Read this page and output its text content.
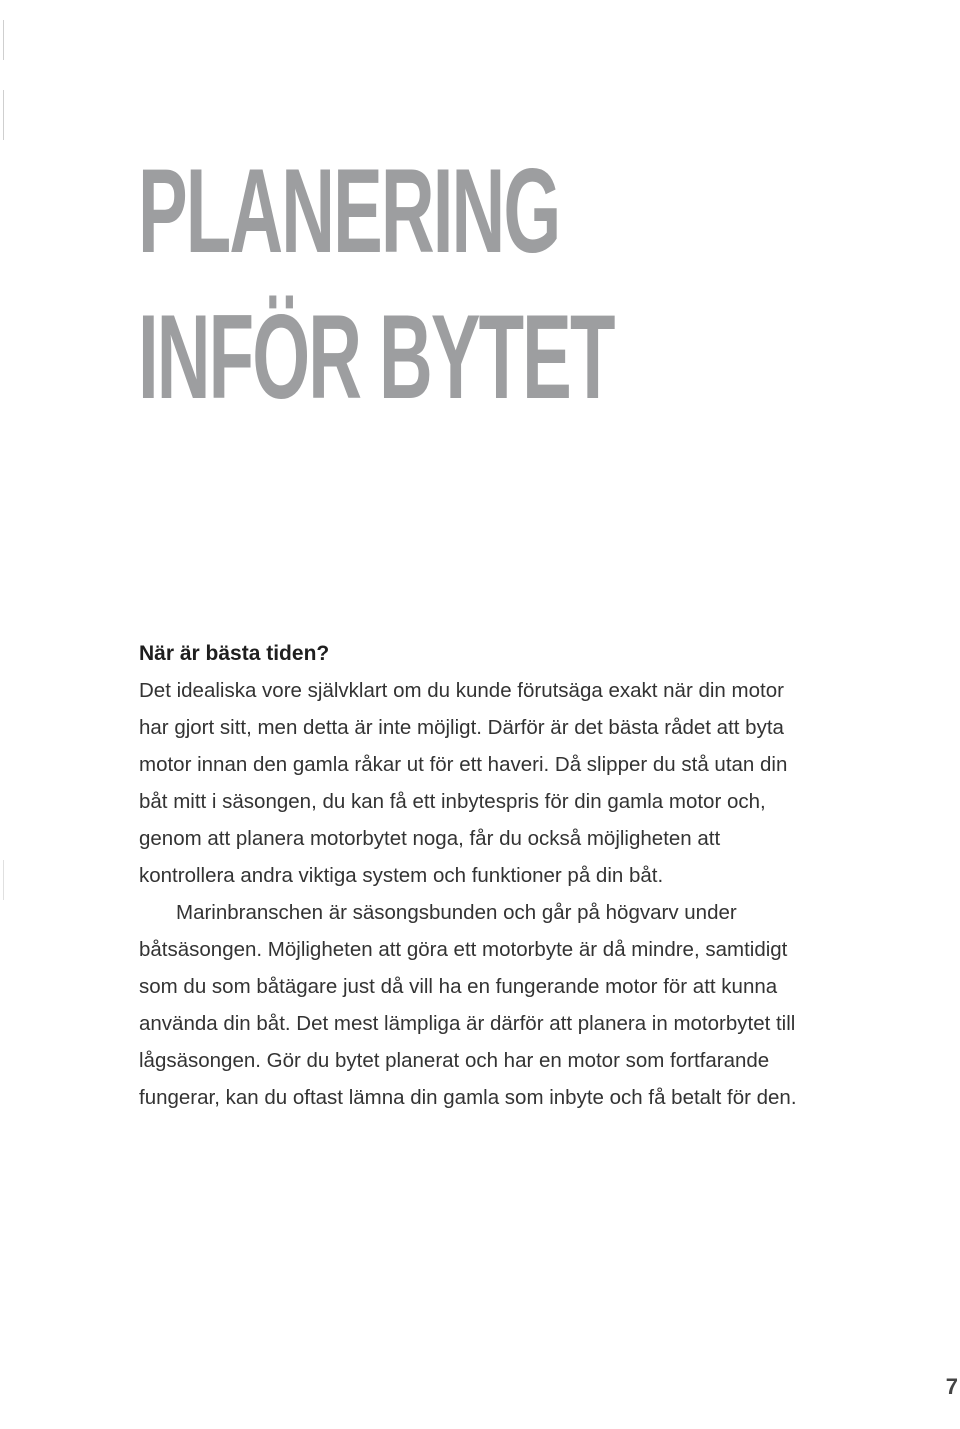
PLANERING
INFÖR BYTET
När är bästa tiden?

Det idealiska vore självklart om du kunde förutsäga exakt när din motor har gjort sitt, men detta är inte möjligt. Därför är det bästa rådet att byta motor innan den gamla råkar ut för ett haveri. Då slipper du stå utan din båt mitt i säsongen, du kan få ett inbytespris för din gamla motor och, genom att planera motorbytet noga, får du också möjligheten att kontrollera andra viktiga system och funktioner på din båt.

Marinbranschen är säsongsbunden och går på högvarv under båtsäsongen. Möjligheten att göra ett motorbyte är då mindre, samtidigt som du som båtägare just då vill ha en fungerande motor för att kunna använda din båt. Det mest lämpliga är därför att planera in motorbytet till lågsäsongen. Gör du bytet planerat och har en motor som fortfarande fungerar, kan du oftast lämna din gamla som inbyte och få betalt för den.

7
